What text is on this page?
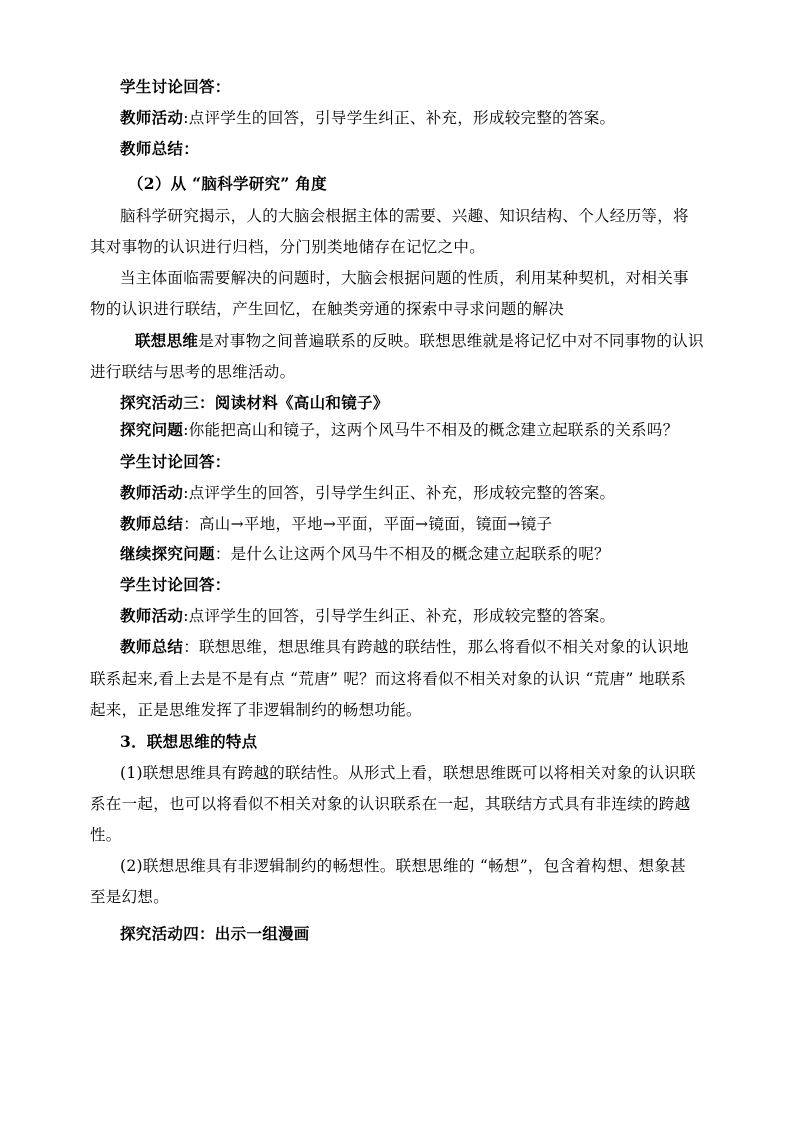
学生讨论回答：
教师活动:点评学生的回答，引导学生纠正、补充，形成较完整的答案。
教师总结：
（2）从 “脑科学研究” 角度
脑科学研究揭示，人的大脑会根据主体的需要、兴趣、知识结构、个人经历等，将
其对事物的认识进行归档，分门别类地储存在记忆之中。
当主体面临需要解决的问题时，大脑会根据问题的性质，利用某种契机，对相关事
物的认识进行联结，产生回忆，在触类旁通的探索中寻求问题的解决
联想思维是对事物之间普遍联系的反映。联想思维就是将记忆中对不同事物的认识
进行联结与思考的思维活动。
探究活动三：阅读材料《高山和镜子》
探究问题:你能把高山和镜子，这两个风马牛不相及的概念建立起联系的关系吗？
学生讨论回答：
教师活动:点评学生的回答，引导学生纠正、补充，形成较完整的答案。
教师总结：高山→平地，平地→平面，平面→镜面，镜面→镜子
继续探究问题：是什么让这两个风马牛不相及的概念建立起联系的呢？
学生讨论回答：
教师活动:点评学生的回答，引导学生纠正、补充，形成较完整的答案。
教师总结：联想思维，想思维具有跨越的联结性，那么将看似不相关对象的认识地
联系起来,看上去是不是有点 “荒唐” 呢？而这将看似不相关对象的认识 “荒唐” 地联系
起来，正是思维发挥了非逻辑制约的畅想功能。
3．联想思维的特点
(1)联想思维具有跨越的联结性。从形式上看，联想思维既可以将相关对象的认识联
系在一起，也可以将看似不相关对象的认识联系在一起，其联结方式具有非连续的跨越
性。
(2)联想思维具有非逻辑制约的畅想性。联想思维的 “畅想”，包含着构想、想象甚
至是幻想。
探究活动四：出示一组漫画
